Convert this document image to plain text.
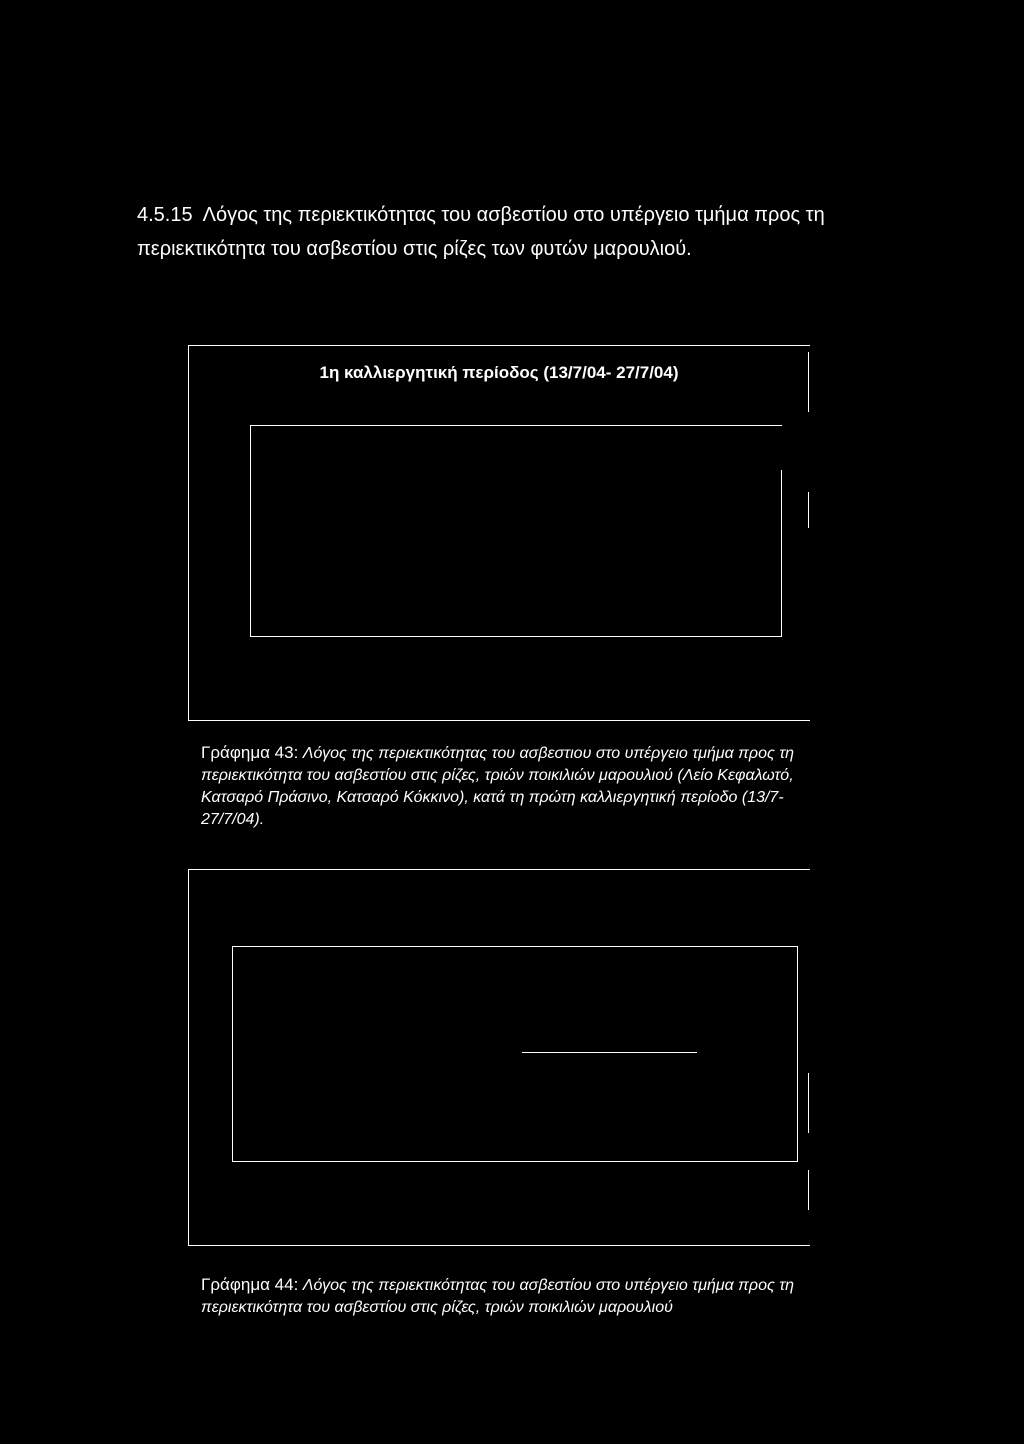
4.5.15 Λόγος της περιεκτικότητας του ασβεστίου στο υπέργειο τμήμα προς τη
περιεκτικότητα του ασβεστίου στις ρίζες των φυτών μαρουλιού.

1η καλλιεργητική περίοδος (13/7/04- 27/7/04)

Γράφημα 43: Λόγος της περιεκτικότητας του ασβεστιου στο υπέργειο τμήμα προς τη περιεκτικότητα του ασβεστίου στις ρίζες, τριών ποικιλιών μαρουλιού (Λείο Κεφαλωτό, Κατσαρό Πράσινο, Κατσαρό Κόκκινο), κατά τη πρώτη καλλιεργητική περίοδο (13/7- 27/7/04).

Γράφημα 44: Λόγος της περιεκτικότητας του ασβεστίου στο υπέργειο τμήμα προς τη περιεκτικότητα του ασβεστίου στις ρίζες, τριών ποικιλιών μαρουλιού
